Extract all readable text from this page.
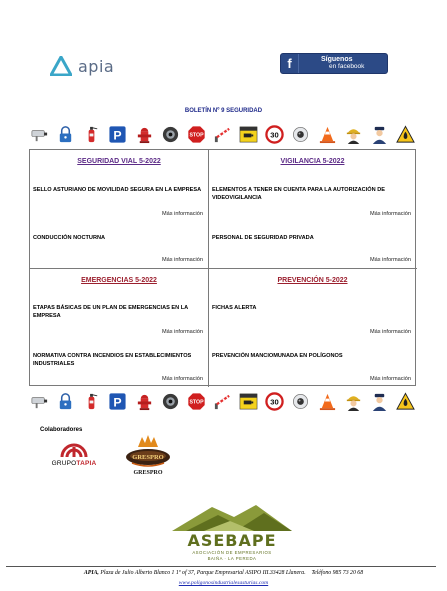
apia	f	Síguenos
en facebook
BOLETÍN Nº 9 SEGURIDAD
P	STOP	30
SEGURIDAD VIAL 5-2022
SELLO ASTURIANO DE MOVILIDAD SEGURA EN LA EMPRESA
Más información
CONDUCCIÓN NOCTURNA
Más información
VIGILANCIA 5-2022
ELEMENTOS A TENER EN CUENTA PARA LA AUTORIZACIÓN DE VIDEOVIGILANCIA
Más información
PERSONAL DE SEGURIDAD PRIVADA
Más información
EMERGENCIAS 5-2022
ETAPAS BÁSICAS DE UN PLAN DE EMERGENCIAS EN LA EMPRESA
Más información
NORMATIVA CONTRA INCENDIOS EN ESTABLECIMIENTOS INDUSTRIALES
Más información
PREVENCIÓN 5-2022
FICHAS ALERTA
Más información
PREVENCIÓN MANCIOMUNADA EN POLÍGONOS
Más información
P	STOP	30
Colaboradores
GRUPOTAPIA
GRESPRO
GRESPRO
ASEBAPE
ASOCIACIÓN DE EMPRESARIOS
BAIÑA · LA PEREDA
APIA, Plaza de Julio Alberto Blanco 1 1º of 37, Parque Empresarial ASIPO III.33428 Llanera. Teléfono 985 73 20 68
www.poligonosindustrialesasturias.com
